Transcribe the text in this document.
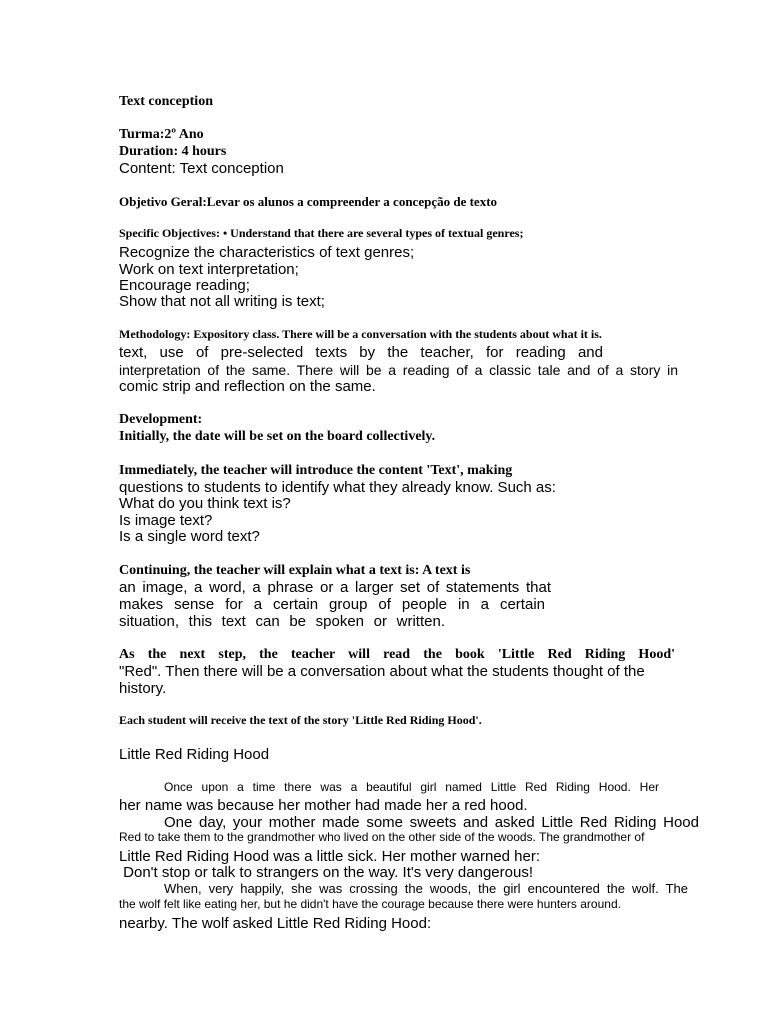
Text conception

Turma:2º Ano

Duration: 4 hours

Content: Text conception

Objetivo Geral:Levar os alunos a compreender a concepção de texto

Specific Objectives: • Understand that there are several types of textual genres;

Recognize the characteristics of text genres;

Work on text interpretation;

Encourage reading;

Show that not all writing is text;

Methodology: Expository class. There will be a conversation with the students about what it is.

text, use of pre-selected texts by the teacher, for reading and

interpretation of the same. There will be a reading of a classic tale and of a story in

comic strip and reflection on the same.

Development:

Initially, the date will be set on the board collectively.

Immediately, the teacher will introduce the content 'Text', making

questions to students to identify what they already know. Such as:

What do you think text is?

Is image text?

Is a single word text?

Continuing, the teacher will explain what a text is: A text is

an image, a word, a phrase or a larger set of statements that

makes sense for a certain group of people in a certain

situation, this text can be spoken or written.

As the next step, the teacher will read the book 'Little Red Riding Hood'

"Red". Then there will be a conversation about what the students thought of the

history.

Each student will receive the text of the story 'Little Red Riding Hood'.

Little Red Riding Hood

Once upon a time there was a beautiful girl named Little Red Riding Hood. Her

her name was because her mother had made her a red hood.

One day, your mother made some sweets and asked Little Red Riding Hood

Red to take them to the grandmother who lived on the other side of the woods. The grandmother of

Little Red Riding Hood was a little sick. Her mother warned her:

Don't stop or talk to strangers on the way. It's very dangerous!

When, very happily, she was crossing the woods, the girl encountered the wolf. The

the wolf felt like eating her, but he didn't have the courage because there were hunters around.

nearby. The wolf asked Little Red Riding Hood:
